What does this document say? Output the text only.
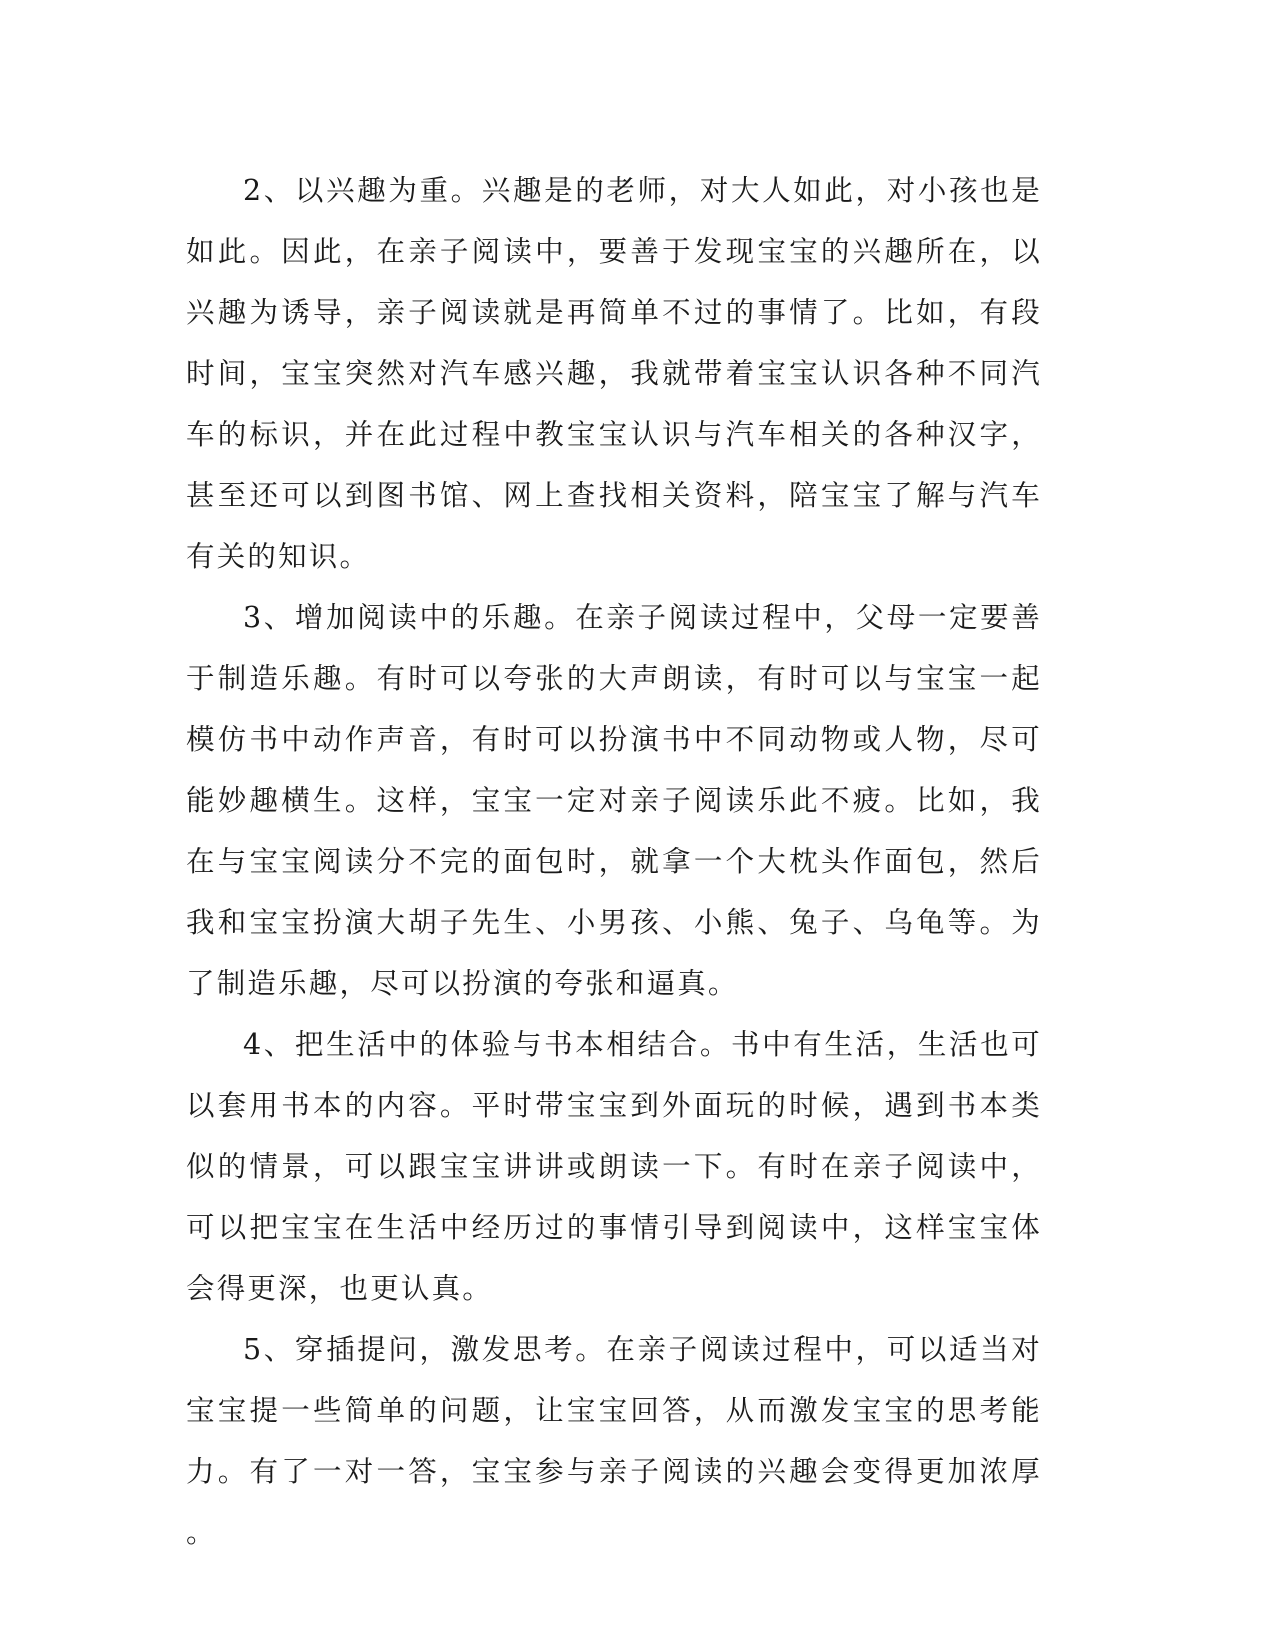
2、以兴趣为重。兴趣是的老师，对大人如此，对小孩也是如此。因此，在亲子阅读中，要善于发现宝宝的兴趣所在，以兴趣为诱导，亲子阅读就是再简单不过的事情了。比如，有段时间，宝宝突然对汽车感兴趣，我就带着宝宝认识各种不同汽车的标识，并在此过程中教宝宝认识与汽车相关的各种汉字，甚至还可以到图书馆、网上查找相关资料，陪宝宝了解与汽车有关的知识。

3、增加阅读中的乐趣。在亲子阅读过程中，父母一定要善于制造乐趣。有时可以夸张的大声朗读，有时可以与宝宝一起模仿书中动作声音，有时可以扮演书中不同动物或人物，尽可能妙趣横生。这样，宝宝一定对亲子阅读乐此不疲。比如，我在与宝宝阅读分不完的面包时，就拿一个大枕头作面包，然后我和宝宝扮演大胡子先生、小男孩、小熊、兔子、乌龟等。为了制造乐趣，尽可以扮演的夸张和逼真。

4、把生活中的体验与书本相结合。书中有生活，生活也可以套用书本的内容。平时带宝宝到外面玩的时候，遇到书本类似的情景，可以跟宝宝讲讲或朗读一下。有时在亲子阅读中，可以把宝宝在生活中经历过的事情引导到阅读中，这样宝宝体会得更深，也更认真。

5、穿插提问，激发思考。在亲子阅读过程中，可以适当对宝宝提一些简单的问题，让宝宝回答，从而激发宝宝的思考能力。有了一对一答，宝宝参与亲子阅读的兴趣会变得更加浓厚。
